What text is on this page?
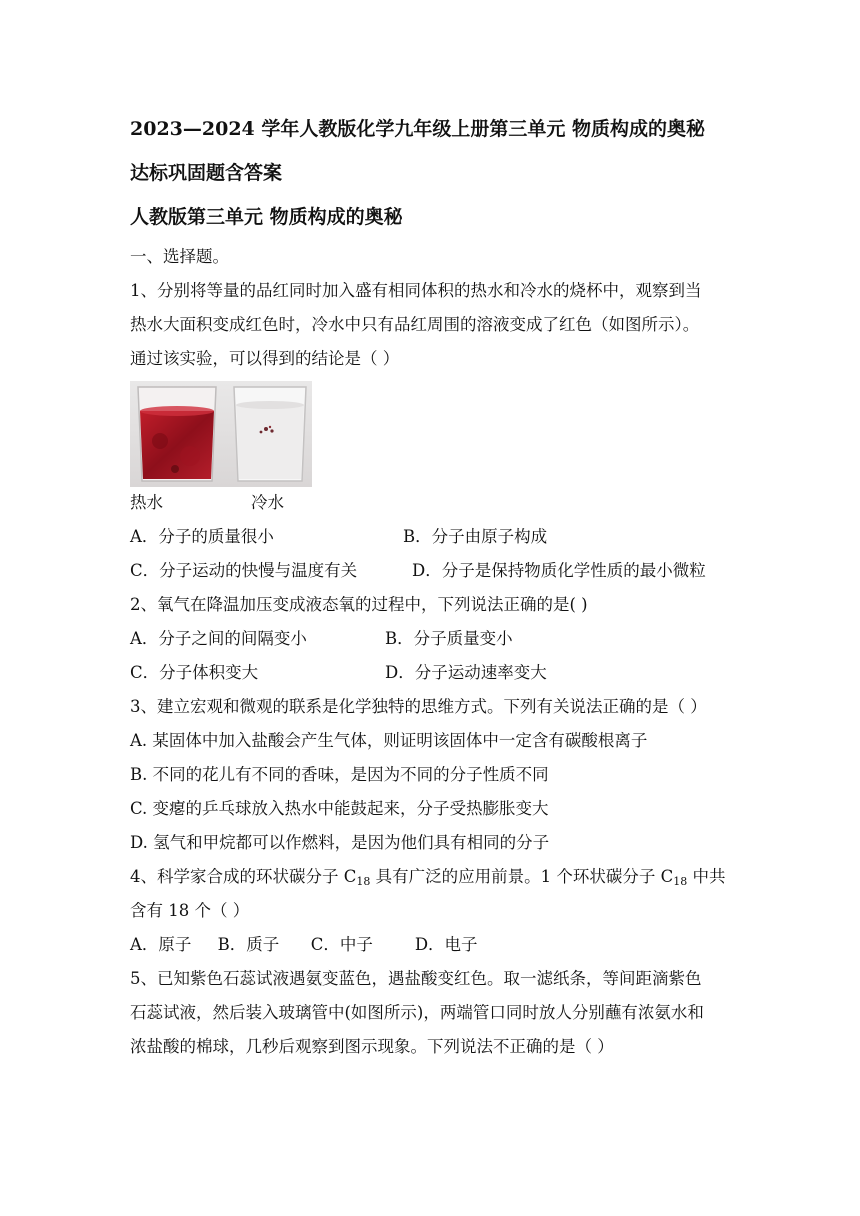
2023—2024 学年人教版化学九年级上册第三单元 物质构成的奥秘
达标巩固题含答案
人教版第三单元 物质构成的奥秘
一、选择题。
1、分别将等量的品红同时加入盛有相同体积的热水和冷水的烧杯中，观察到当
热水大面积变成红色时，冷水中只有品红周围的溶液变成了红色（如图所示）。
通过该实验，可以得到的结论是（ ）
热水	冷水
A．分子的质量很小	B．分子由原子构成
C．分子运动的快慢与温度有关	D．分子是保持物质化学性质的最小微粒
2、氧气在降温加压变成液态氧的过程中，下列说法正确的是( )
A．分子之间的间隔变小	B．分子质量变小
C．分子体积变大	D．分子运动速率变大
3、建立宏观和微观的联系是化学独特的思维方式。下列有关说法正确的是（ ）
A. 某固体中加入盐酸会产生气体，则证明该固体中一定含有碳酸根离子
B. 不同的花儿有不同的香味，是因为不同的分子性质不同
C. 变瘪的乒乓球放入热水中能鼓起来，分子受热膨胀变大
D. 氢气和甲烷都可以作燃料，是因为他们具有相同的分子
4、科学家合成的环状碳分子 $C_{18}$ 具有广泛的应用前景。1 个环状碳分子 $C_{18}$ 中共
含有 18 个（ ）
A．原子     B．质子      C．中子        D．电子
5、已知紫色石蕊试液遇氨变蓝色，遇盐酸变红色。取一滤纸条，等间距滴紫色
石蕊试液，然后装入玻璃管中(如图所示)，两端管口同时放人分别蘸有浓氨水和
浓盐酸的棉球，几秒后观察到图示现象。下列说法不正确的是（ ）
